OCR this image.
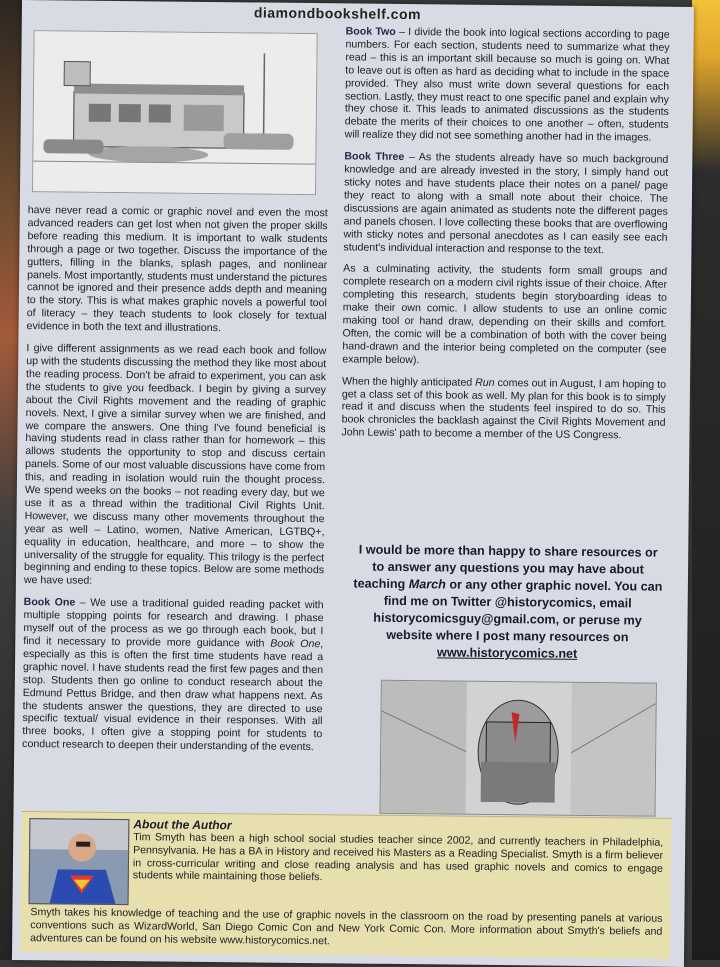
diamondbookshelf.com

have never read a comic or graphic novel and even the most advanced readers can get lost when not given the proper skills before reading this medium. It is important to walk students through a page or two together. Discuss the importance of the gutters, filling in the blanks, splash pages, and nonlinear panels. Most importantly, students must understand the pictures cannot be ignored and their presence adds depth and meaning to the story. This is what makes graphic novels a powerful tool of literacy – they teach students to look closely for textual evidence in both the text and illustrations.

I give different assignments as we read each book and follow up with the students discussing the method they like most about the reading process. Don't be afraid to experiment, you can ask the students to give you feedback. I begin by giving a survey about the Civil Rights movement and the reading of graphic novels. Next, I give a similar survey when we are finished, and we compare the answers. One thing I've found beneficial is having students read in class rather than for homework – this allows students the opportunity to stop and discuss certain panels. Some of our most valuable discussions have come from this, and reading in isolation would ruin the thought process. We spend weeks on the books – not reading every day, but we use it as a thread within the traditional Civil Rights Unit. However, we discuss many other movements throughout the year as well – Latino, women, Native American, LGTBQ+, equality in education, healthcare, and more – to show the universality of the struggle for equality. This trilogy is the perfect beginning and ending to these topics. Below are some methods we have used:

Book One – We use a traditional guided reading packet with multiple stopping points for research and drawing. I phase myself out of the process as we go through each book, but I find it necessary to provide more guidance with Book One, especially as this is often the first time students have read a graphic novel. I have students read the first few pages and then stop. Students then go online to conduct research about the Edmund Pettus Bridge, and then draw what happens next. As the students answer the questions, they are directed to use specific textual/ visual evidence in their responses. With all three books, I often give a stopping point for students to conduct research to deepen their understanding of the events.

Book Two – I divide the book into logical sections according to page numbers. For each section, students need to summarize what they read – this is an important skill because so much is going on. What to leave out is often as hard as deciding what to include in the space provided. They also must write down several questions for each section. Lastly, they must react to one specific panel and explain why they chose it. This leads to animated discussions as the students debate the merits of their choices to one another – often, students will realize they did not see something another had in the images.

Book Three – As the students already have so much background knowledge and are already invested in the story, I simply hand out sticky notes and have students place their notes on a panel/ page they react to along with a small note about their choice. The discussions are again animated as students note the different pages and panels chosen. I love collecting these books that are overflowing with sticky notes and personal anecdotes as I can easily see each student's individual interaction and response to the text.

As a culminating activity, the students form small groups and complete research on a modern civil rights issue of their choice. After completing this research, students begin storyboarding ideas to make their own comic. I allow students to use an online comic making tool or hand draw, depending on their skills and comfort. Often, the comic will be a combination of both with the cover being hand-drawn and the interior being completed on the computer (see example below).

When the highly anticipated Run comes out in August, I am hoping to get a class set of this book as well. My plan for this book is to simply read it and discuss when the students feel inspired to do so. This book chronicles the backlash against the Civil Rights Movement and John Lewis' path to become a member of the US Congress.

I would be more than happy to share resources or to answer any questions you may have about teaching March or any other graphic novel. You can find me on Twitter @historycomics, email historycomicsguy@gmail.com, or peruse my website where I post many resources on
www.historycomics.net
About the Author
Tim Smyth has been a high school social studies teacher since 2002, and currently teachers in Philadelphia, Pennsylvania. He has a BA in History and received his Masters as a Reading Specialist. Smyth is a firm believer in cross-curricular writing and close reading analysis and has used graphic novels and comics to engage students while maintaining those beliefs.
Smyth takes his knowledge of teaching and the use of graphic novels in the classroom on the road by presenting panels at various conventions such as WizardWorld, San Diego Comic Con and New York Comic Con. More information about Smyth's beliefs and adventures can be found on his website www.historycomics.net.
